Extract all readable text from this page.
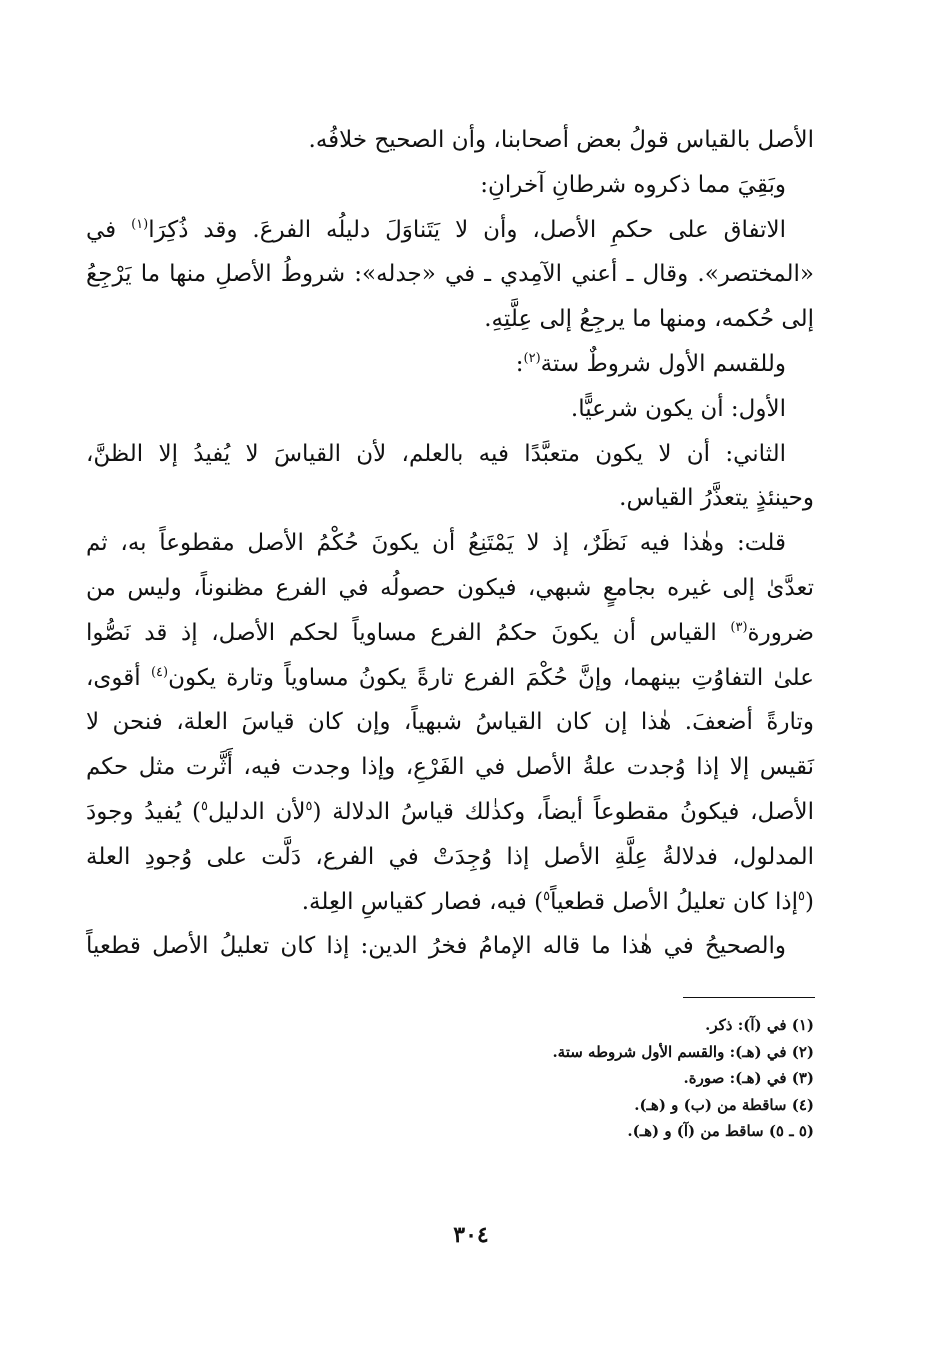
الأصل بالقياس قولُ بعض أصحابنا، وأن الصحيح خلافُه.
وبَقِيَ مما ذكروه شرطانِ آخرانِ:
الاتفاق على حكمِ الأصل، وأن لا يَتَناوَلَ دليلُه الفرعَ. وقد ذُكِرَا$^{(١)}$ في
«المختصر». وقال ـ أعني الآمِدي ـ في «جدله»: شروطُ الأصلِ منها ما يَرْجِعُ
إلى حُكمه، ومنها ما يرجِعُ إلى عِلَّتِهِ.
وللقسم الأول شروطٌ ستة$^{(٢)}$:
الأول: أن يكون شرعيًّا.
الثاني: أن لا يكون متعبَّدًا فيه بالعلم، لأن القياسَ لا يُفيدُ إلا الظنَّ،
وحينئذٍ يتعذَّرُ القياس.
قلت: وهٰذا فيه نَظَرٌ، إذ لا يَمْتَنِعُ أن يكونَ حُكْمُ الأصل مقطوعاً به، ثم
تعدَّىٰ إلى غيره بجامعٍ شبهي، فيكون حصولُه في الفرع مظنوناً، وليس من
ضرورة$^{(٣)}$ القياس أن يكونَ حكمُ الفرع مساوياً لحكم الأصل، إذ قد نَصُّوا
علىٰ التفاوُتِ بينهما، وإنَّ حُكْمَ الفرع تارةً يكونُ مساوياً وتارة يكون$^{(٤)}$ أقوى،
وتارةً أضعفَ. هٰذا إن كان القياسُ شبهياً، وإن كان قياسَ العلة، فنحن لا
نَقيس إلا إذا وُجدت علةُ الأصل في الفَرْعِ، وإذا وجدت فيه، أَثَّرت مثل حكم
الأصل، فيكونُ مقطوعاً أيضاً، وكذٰلك قياسُ الدلالة ($^٥$لأن الدليل$^٥$) يُفيدُ وجودَ
المدلول، فدلالةُ عِلَّةِ الأصل إذا وُجِدَتْ في الفرع، دَلَّت على وُجودِ العلة
($^٥$إذا كان تعليلُ الأصل قطعياً$^٥$) فيه، فصار كقياسِ العِلة.
والصحيحُ في هٰذا ما قاله الإمامُ فخرُ الدين: إذا كان تعليلُ الأصل قطعياً
(١) في (آ): ذكر.
(٢) في (هـ): والقسم الأول شروطه ستة.
(٣) في (هـ): صورة.
(٤) ساقطة من (ب) و (هـ).
(٥ ـ ٥) ساقط من (آ) و (هـ).
٣٠٤
